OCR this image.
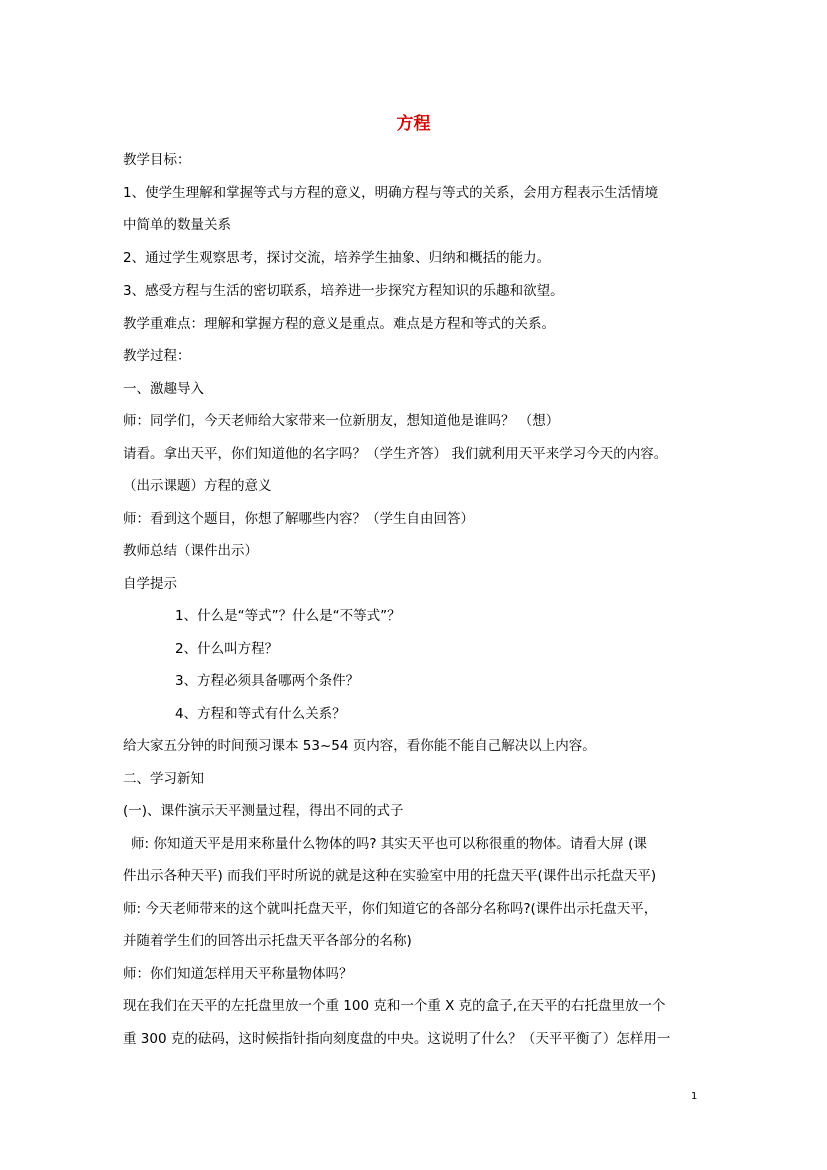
方程

教学目标：

1、使学生理解和掌握等式与方程的意义，明确方程与等式的关系，会用方程表示生活情境

中简单的数量关系

2、通过学生观察思考，探讨交流，培养学生抽象、归纳和概括的能力。

3、感受方程与生活的密切联系，培养进一步探究方程知识的乐趣和欲望。

教学重难点：理解和掌握方程的意义是重点。难点是方程和等式的关系。

教学过程：

一、激趣导入

师：同学们，今天老师给大家带来一位新朋友，想知道他是谁吗？ （想）

请看。拿出天平，你们知道他的名字吗？（学生齐答） 我们就利用天平来学习今天的内容。

（出示课题）方程的意义

师：看到这个题目，你想了解哪些内容？（学生自由回答）

教师总结（课件出示）

自学提示

1、什么是“等式”？什么是“不等式”？

2、什么叫方程？

3、方程必须具备哪两个条件？

4、方程和等式有什么关系？

给大家五分钟的时间预习课本 53~54 页内容，看你能不能自己解决以上内容。

二、学习新知

(一)、课件演示天平测量过程，得出不同的式子

师: 你知道天平是用来称量什么物体的吗? 其实天平也可以称很重的物体。请看大屏 (课

件出示各种天平) 而我们平时所说的就是这种在实验室中用的托盘天平(课件出示托盘天平)

师: 今天老师带来的这个就叫托盘天平，你们知道它的各部分名称吗?(课件出示托盘天平，

并随着学生们的回答出示托盘天平各部分的名称)

师：你们知道怎样用天平称量物体吗？

现在我们在天平的左托盘里放一个重 100 克和一个重 X 克的盒子,在天平的右托盘里放一个

重 300 克的砝码，这时候指针指向刻度盘的中央。这说明了什么？（天平平衡了）怎样用一

1
